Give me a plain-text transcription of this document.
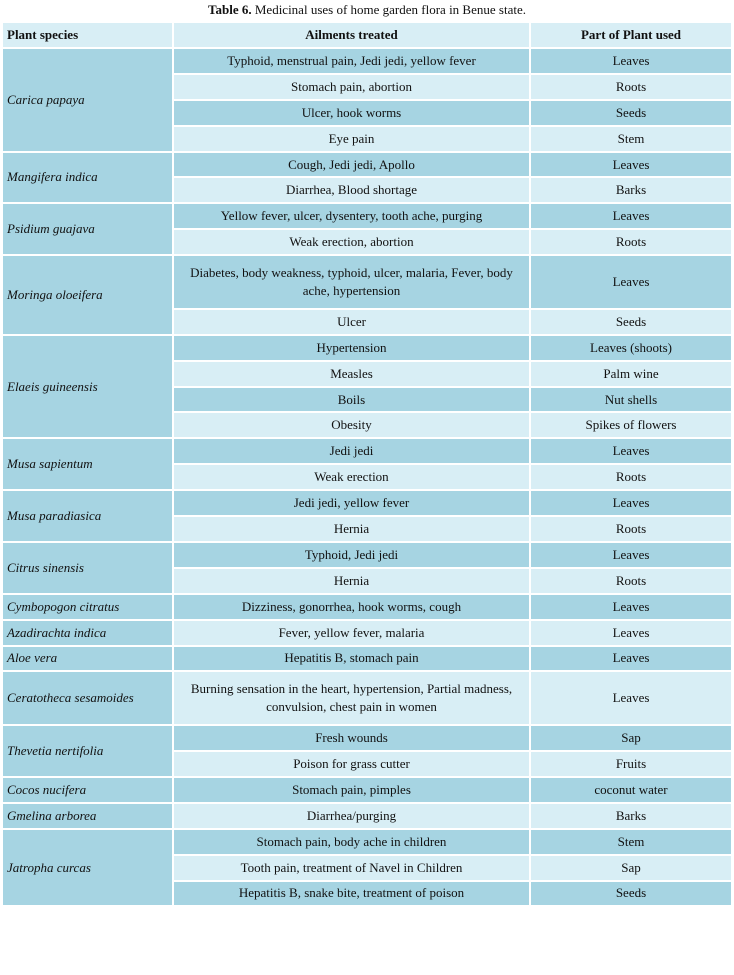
Table 6. Medicinal uses of home garden flora in Benue state.
Plant species	Ailments treated	Part of Plant used
Carica papaya	Typhoid, menstrual pain, Jedi jedi, yellow fever	Leaves
	Stomach pain, abortion	Roots
	Ulcer, hook worms	Seeds
	Eye pain	Stem
Mangifera indica	Cough, Jedi jedi, Apollo	Leaves
	Diarrhea, Blood shortage	Barks
Psidium guajava	Yellow fever, ulcer, dysentery, tooth ache, purging	Leaves
	Weak erection, abortion	Roots
Moringa oloeifera	Diabetes, body weakness, typhoid, ulcer, malaria, Fever, body ache, hypertension	Leaves
	Ulcer	Seeds
Elaeis guineensis	Hypertension	Leaves (shoots)
	Measles	Palm wine
	Boils	Nut shells
	Obesity	Spikes of flowers
Musa sapientum	Jedi jedi	Leaves
	Weak erection	Roots
Musa paradiasica	Jedi jedi, yellow fever	Leaves
	Hernia	Roots
Citrus sinensis	Typhoid, Jedi jedi	Leaves
	Hernia	Roots
Cymbopogon citratus	Dizziness, gonorrhea, hook worms, cough	Leaves
Azadirachta indica	Fever, yellow fever, malaria	Leaves
Aloe vera	Hepatitis B, stomach pain	Leaves
Ceratotheca sesamoides	Burning sensation in the heart, hypertension, Partial madness, convulsion, chest pain in women	Leaves
Thevetia nertifolia	Fresh wounds	Sap
	Poison for grass cutter	Fruits
Cocos nucifera	Stomach pain, pimples	coconut water
Gmelina arborea	Diarrhea/purging	Barks
Jatropha curcas	Stomach pain, body ache in children	Stem
	Tooth pain, treatment of Navel in Children	Sap
	Hepatitis B, snake bite, treatment of poison	Seeds
